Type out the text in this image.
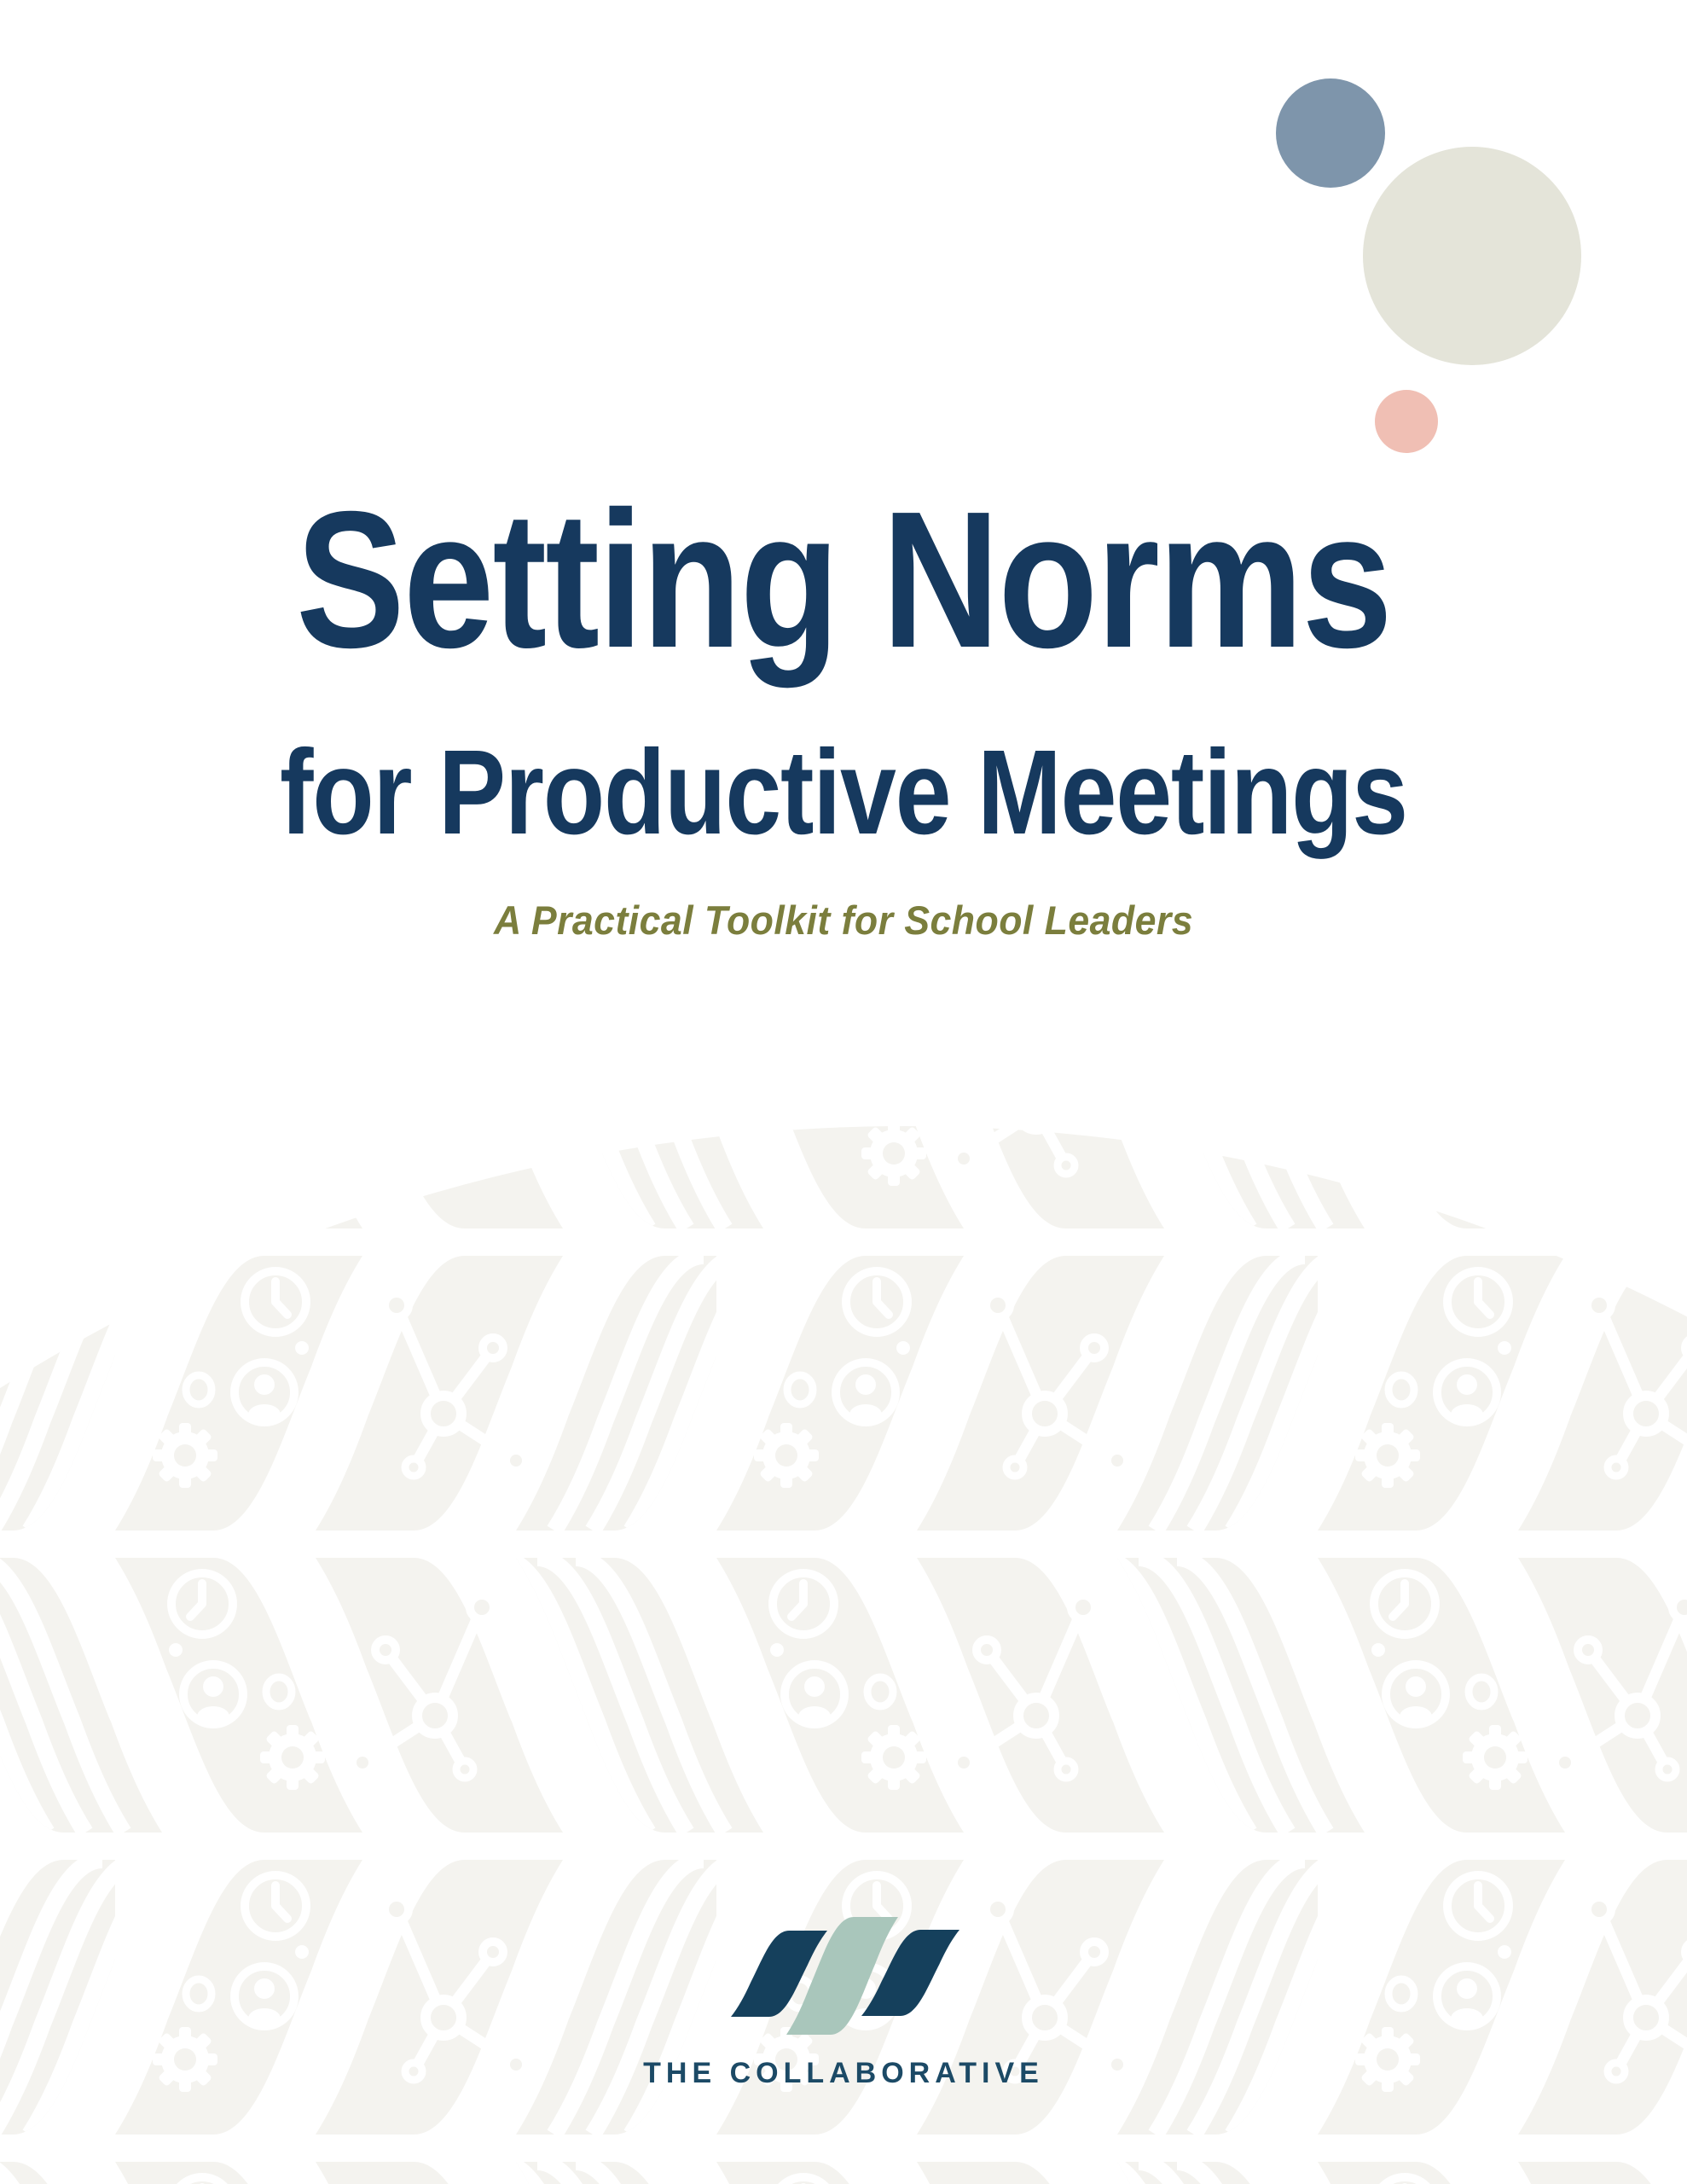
Setting Norms
for Productive Meetings
A Practical Toolkit for School Leaders
THE COLLABORATIVE
